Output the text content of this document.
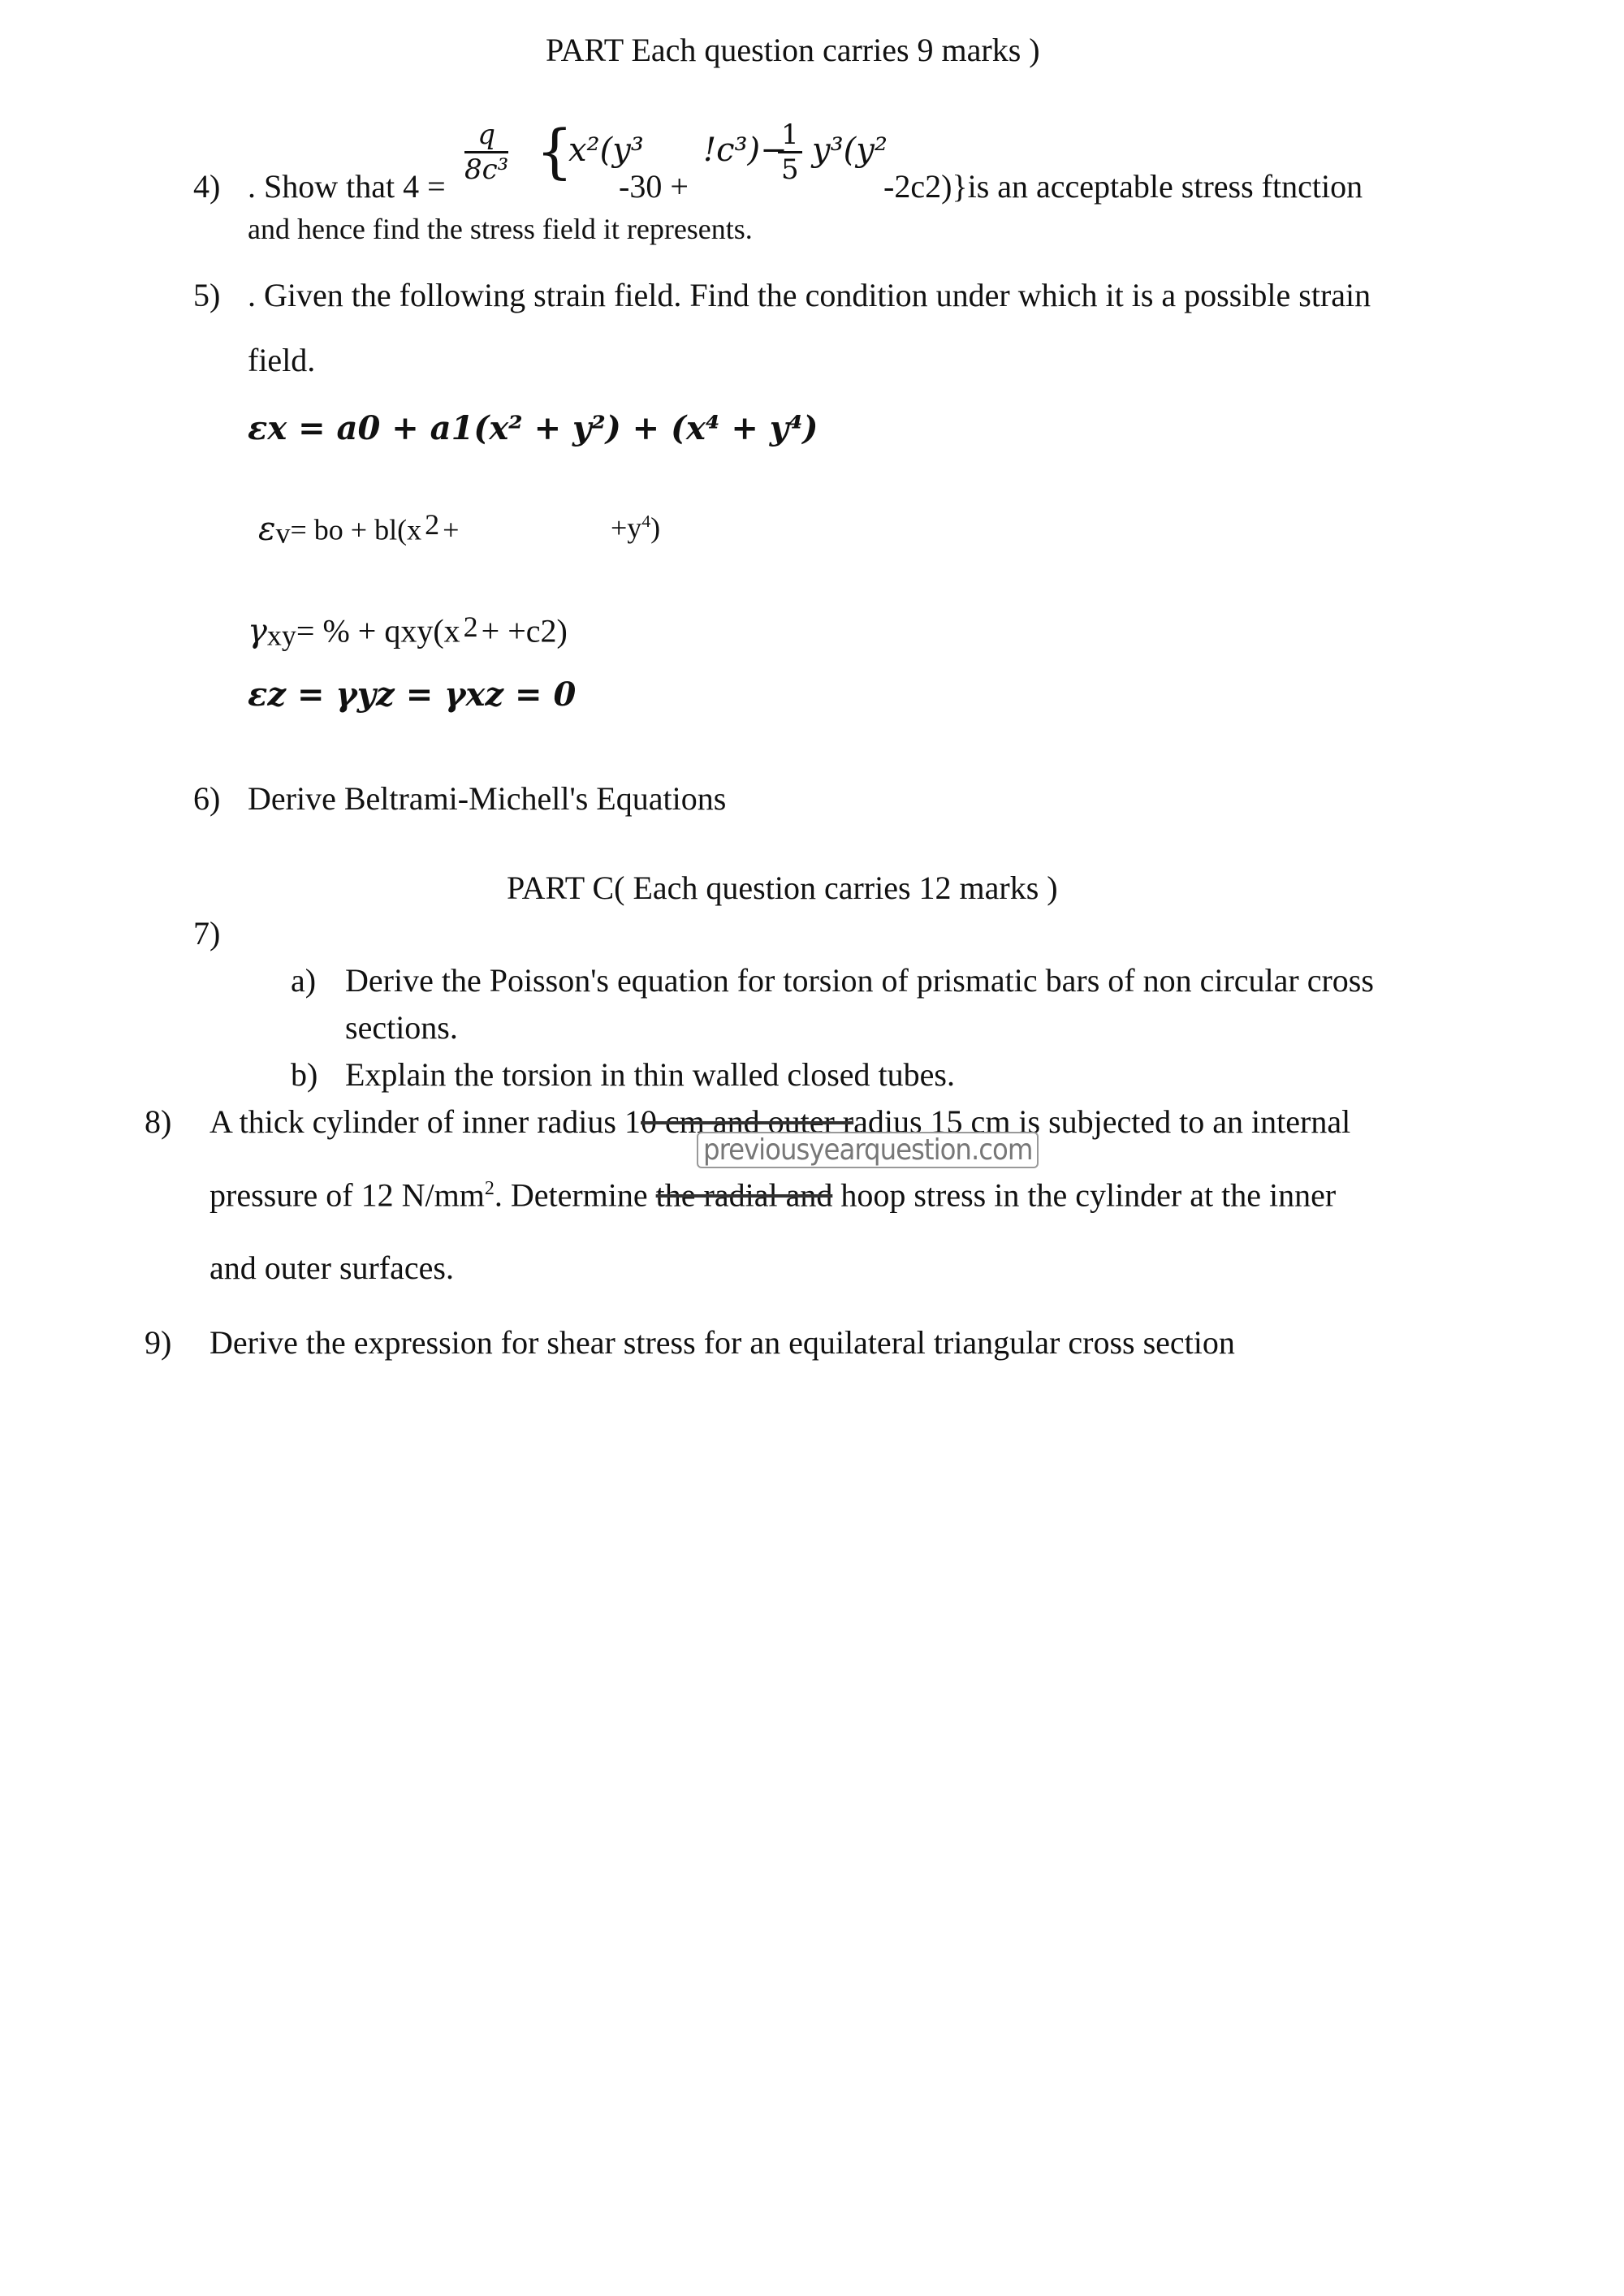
PART Each question carries 9 marks )
4) . Show that 4 =
$\frac{q}{\text{8c³}}$ {
x²(y³
-30 +
!c³)−
$\frac{1}{5} y^3(y^2$
-2c2)}is an acceptable stress ftnction
and hence find the stress field it represents.
5) . Given the following strain field. Find the condition under which it is a possible strain
field.
εx = a0 + a1(x² + y²) + (x⁴ + y⁴)
$\varepsilon_v=$ bo + bl(x $^2$ +	$+y^4$)
$\gamma_{xy}=$ % + qxy(x $^2$ + +c2)
εz = γyz = γxz = 0
6) Derive Beltrami-Michell's Equations
PART C( Each question carries 12 marks )
7)
a) Derive the Poisson's equation for torsion of prismatic bars of non circular cross
sections.
b) Explain the torsion in thin walled closed tubes.
8) A thick cylinder of inner radius 10 cm and outer radius 15 cm is subjected to an internal
previousyearquestion.com
pressure of 12 $N/mm^2$. Determine the radial and hoop stress in the cylinder at the inner
and outer surfaces.
9) Derive the expression for shear stress for an equilateral triangular cross section
